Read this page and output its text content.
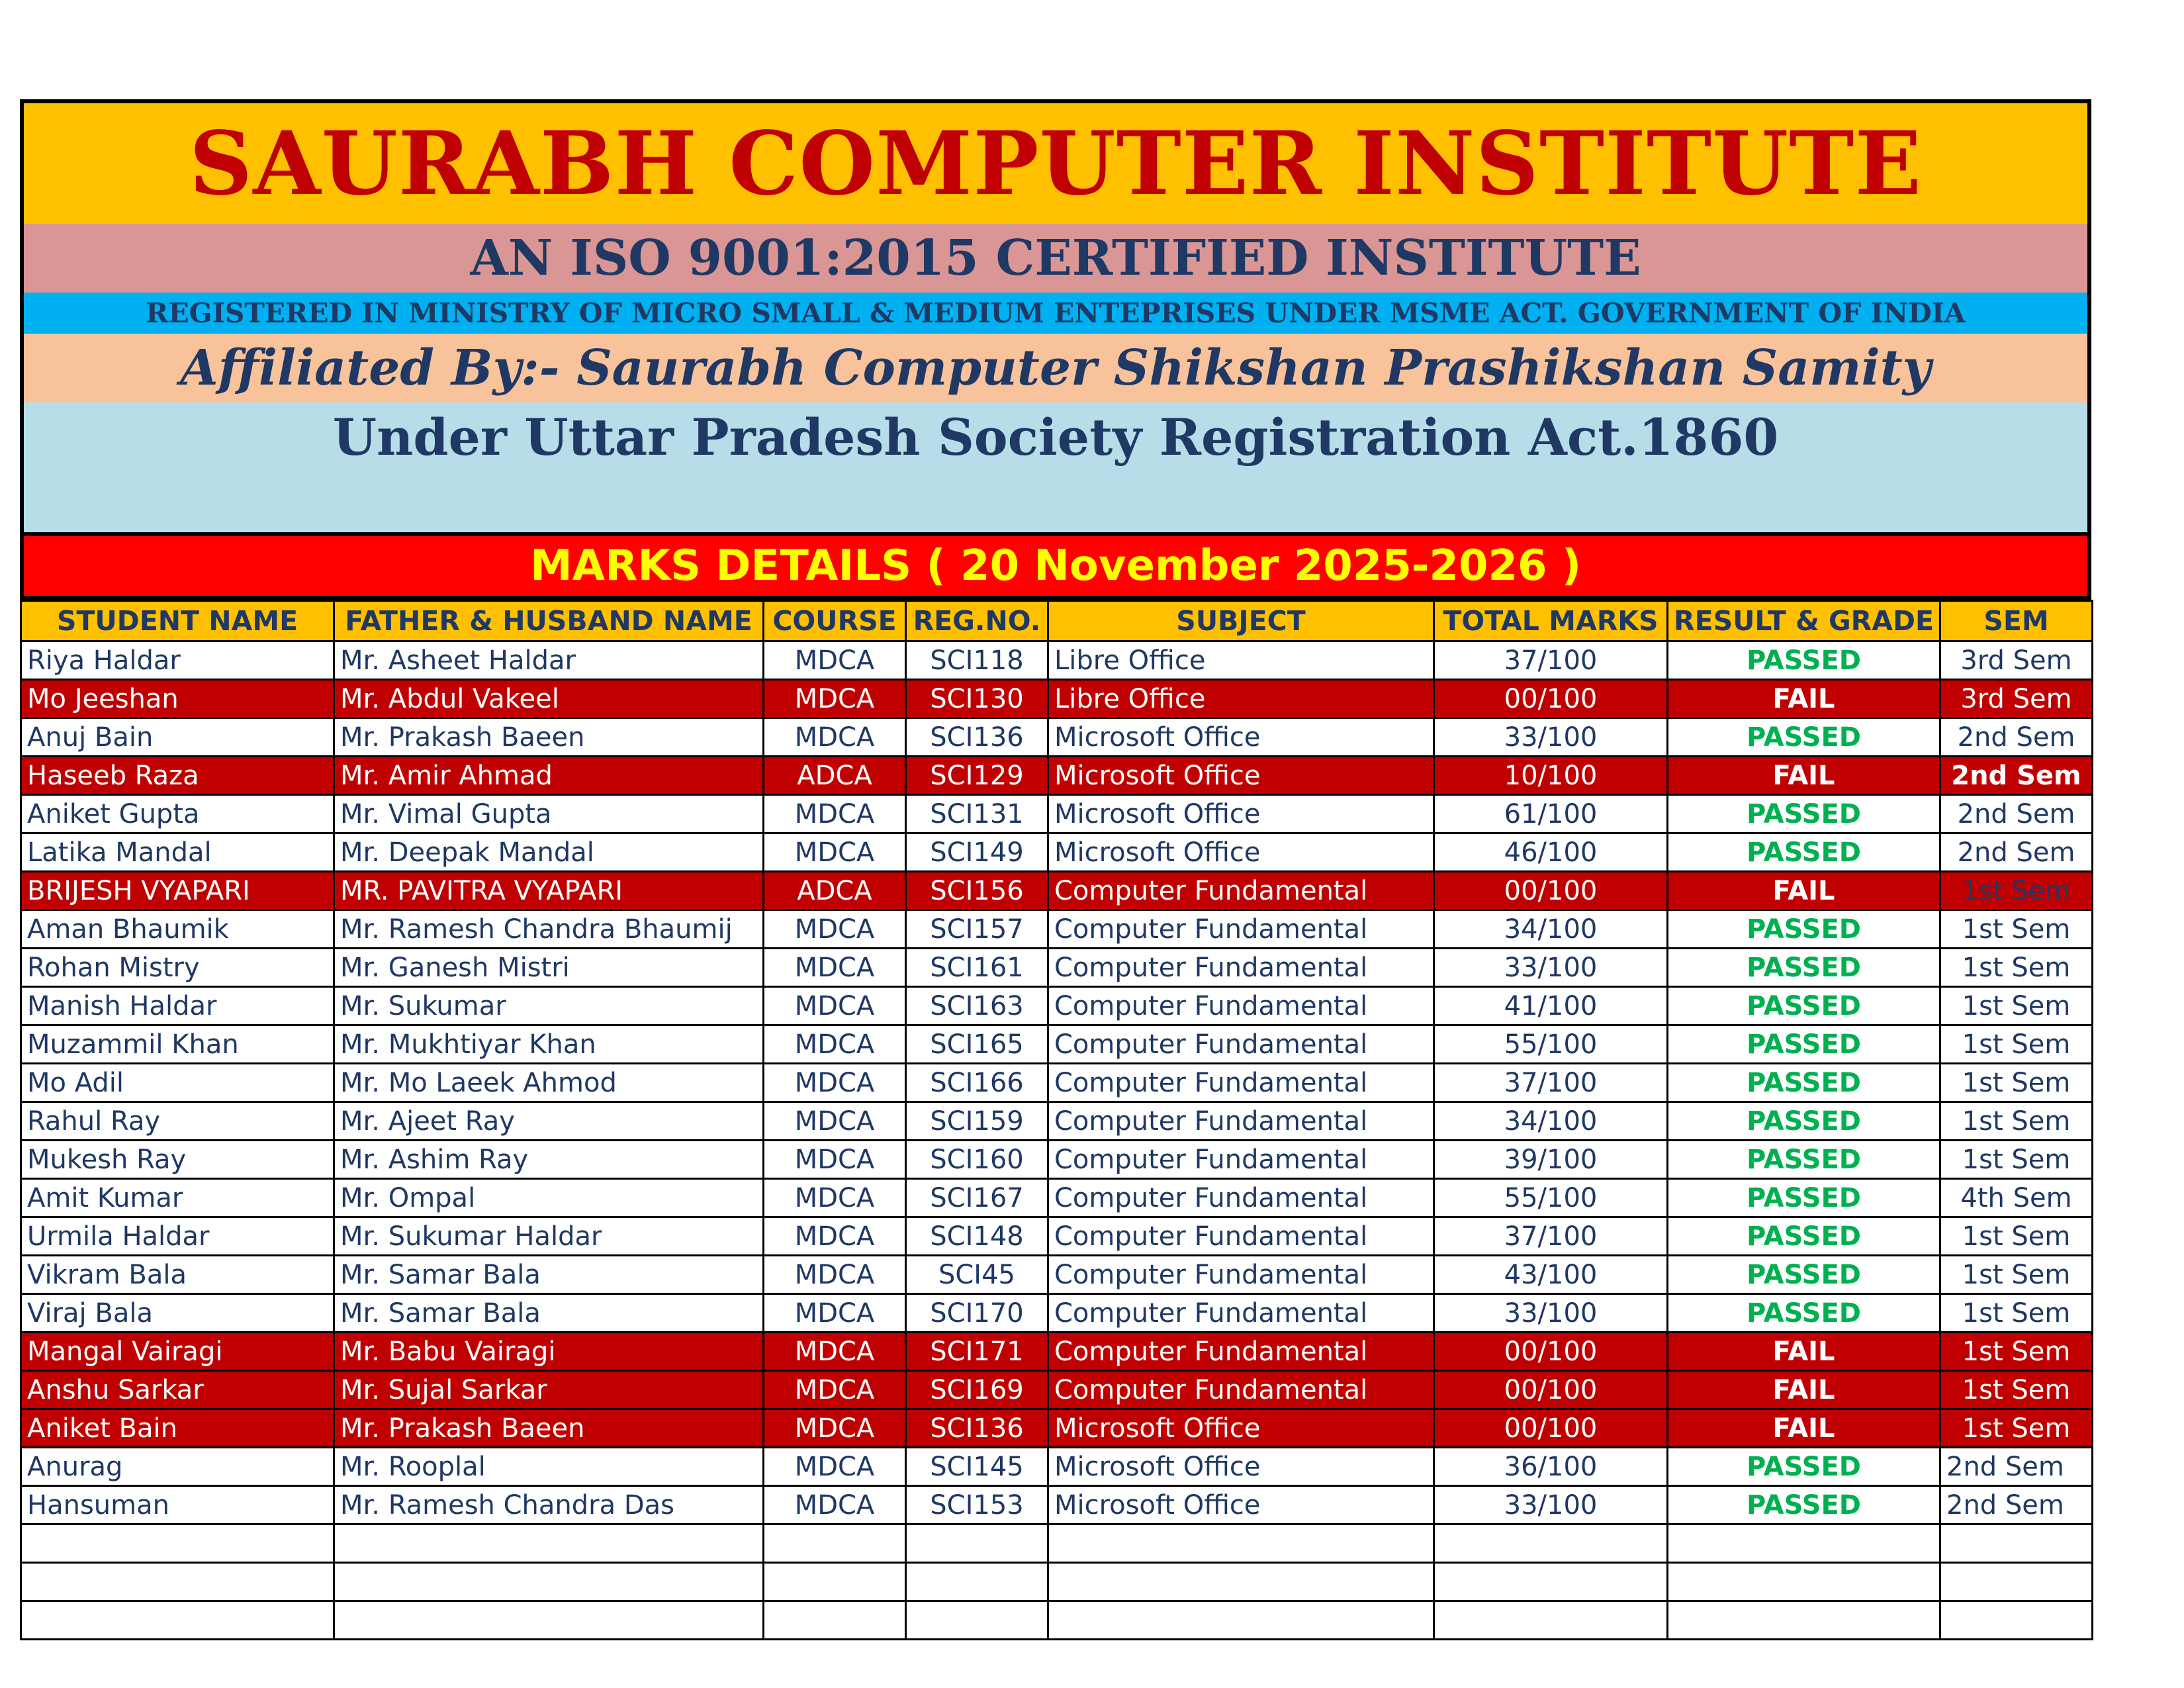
SAURABH COMPUTER INSTITUTE
AN ISO 9001:2015 CERTIFIED INSTITUTE
REGISTERED IN MINISTRY OF MICRO SMALL & MEDIUM ENTEPRISES UNDER MSME ACT. GOVERNMENT OF INDIA
Affiliated By:- Saurabh Computer Shikshan Prashikshan Samity
Under Uttar Pradesh Society Registration Act.1860
MARKS DETAILS ( 20 November 2025-2026 )
STUDENT NAME	FATHER & HUSBAND NAME	COURSE	REG.NO.	SUBJECT	TOTAL MARKS	RESULT & GRADE	SEM
Riya Haldar	Mr. Asheet Haldar	MDCA	SCI118	Libre Office	37/100	PASSED	3rd Sem
Mo Jeeshan	Mr. Abdul Vakeel	MDCA	SCI130	Libre Office	00/100	FAIL	3rd Sem
Anuj Bain	Mr. Prakash Baeen	MDCA	SCI136	Microsoft Office	33/100	PASSED	2nd Sem
Haseeb Raza	Mr. Amir Ahmad	ADCA	SCI129	Microsoft Office	10/100	FAIL	2nd Sem
Aniket Gupta	Mr. Vimal Gupta	MDCA	SCI131	Microsoft Office	61/100	PASSED	2nd Sem
Latika Mandal	Mr. Deepak Mandal	MDCA	SCI149	Microsoft Office	46/100	PASSED	2nd Sem
BRIJESH VYAPARI	MR. PAVITRA VYAPARI	ADCA	SCI156	Computer Fundamental	00/100	FAIL	1st Sem
Aman Bhaumik	Mr. Ramesh Chandra Bhaumij	MDCA	SCI157	Computer Fundamental	34/100	PASSED	1st Sem
Rohan Mistry	Mr. Ganesh Mistri	MDCA	SCI161	Computer Fundamental	33/100	PASSED	1st Sem
Manish Haldar	Mr. Sukumar	MDCA	SCI163	Computer Fundamental	41/100	PASSED	1st Sem
Muzammil Khan	Mr. Mukhtiyar Khan	MDCA	SCI165	Computer Fundamental	55/100	PASSED	1st Sem
Mo Adil	Mr. Mo Laeek Ahmod	MDCA	SCI166	Computer Fundamental	37/100	PASSED	1st Sem
Rahul Ray	Mr. Ajeet Ray	MDCA	SCI159	Computer Fundamental	34/100	PASSED	1st Sem
Mukesh Ray	Mr. Ashim Ray	MDCA	SCI160	Computer Fundamental	39/100	PASSED	1st Sem
Amit Kumar	Mr. Ompal	MDCA	SCI167	Computer Fundamental	55/100	PASSED	4th Sem
Urmila Haldar	Mr. Sukumar Haldar	MDCA	SCI148	Computer Fundamental	37/100	PASSED	1st Sem
Vikram Bala	Mr. Samar Bala	MDCA	SCI45	Computer Fundamental	43/100	PASSED	1st Sem
Viraj Bala	Mr. Samar Bala	MDCA	SCI170	Computer Fundamental	33/100	PASSED	1st Sem
Mangal Vairagi	Mr. Babu Vairagi	MDCA	SCI171	Computer Fundamental	00/100	FAIL	1st Sem
Anshu Sarkar	Mr. Sujal Sarkar	MDCA	SCI169	Computer Fundamental	00/100	FAIL	1st Sem
Aniket Bain	Mr. Prakash Baeen	MDCA	SCI136	Microsoft Office	00/100	FAIL	1st Sem
Anurag	Mr. Rooplal	MDCA	SCI145	Microsoft Office	36/100	PASSED	2nd Sem
Hansuman	Mr. Ramesh Chandra Das	MDCA	SCI153	Microsoft Office	33/100	PASSED	2nd Sem
